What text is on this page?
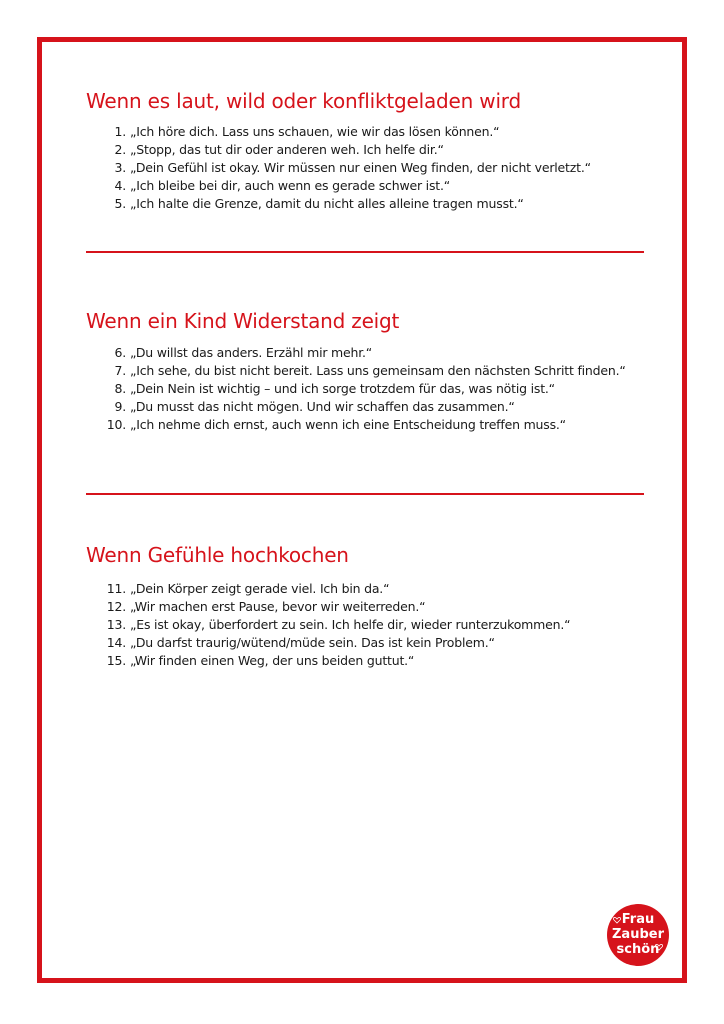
Wenn es laut, wild oder konfliktgeladen wird
1. „Ich höre dich. Lass uns schauen, wie wir das lösen können.“
2. „Stopp, das tut dir oder anderen weh. Ich helfe dir.“
3. „Dein Gefühl ist okay. Wir müssen nur einen Weg finden, der nicht verletzt.“
4. „Ich bleibe bei dir, auch wenn es gerade schwer ist.“
5. „Ich halte die Grenze, damit du nicht alles alleine tragen musst.“
Wenn ein Kind Widerstand zeigt
6. „Du willst das anders. Erzähl mir mehr.“
7. „Ich sehe, du bist nicht bereit. Lass uns gemeinsam den nächsten Schritt finden.“
8. „Dein Nein ist wichtig – und ich sorge trotzdem für das, was nötig ist.“
9. „Du musst das nicht mögen. Und wir schaffen das zusammen.“
10. „Ich nehme dich ernst, auch wenn ich eine Entscheidung treffen muss.“
Wenn Gefühle hochkochen
11. „Dein Körper zeigt gerade viel. Ich bin da.“
12. „Wir machen erst Pause, bevor wir weiterreden.“
13. „Es ist okay, überfordert zu sein. Ich helfe dir, wieder runterzukommen.“
14. „Du darfst traurig/wütend/müde sein. Das ist kein Problem.“
15. „Wir finden einen Weg, der uns beiden guttut.“
Frau
Zauber
schön
